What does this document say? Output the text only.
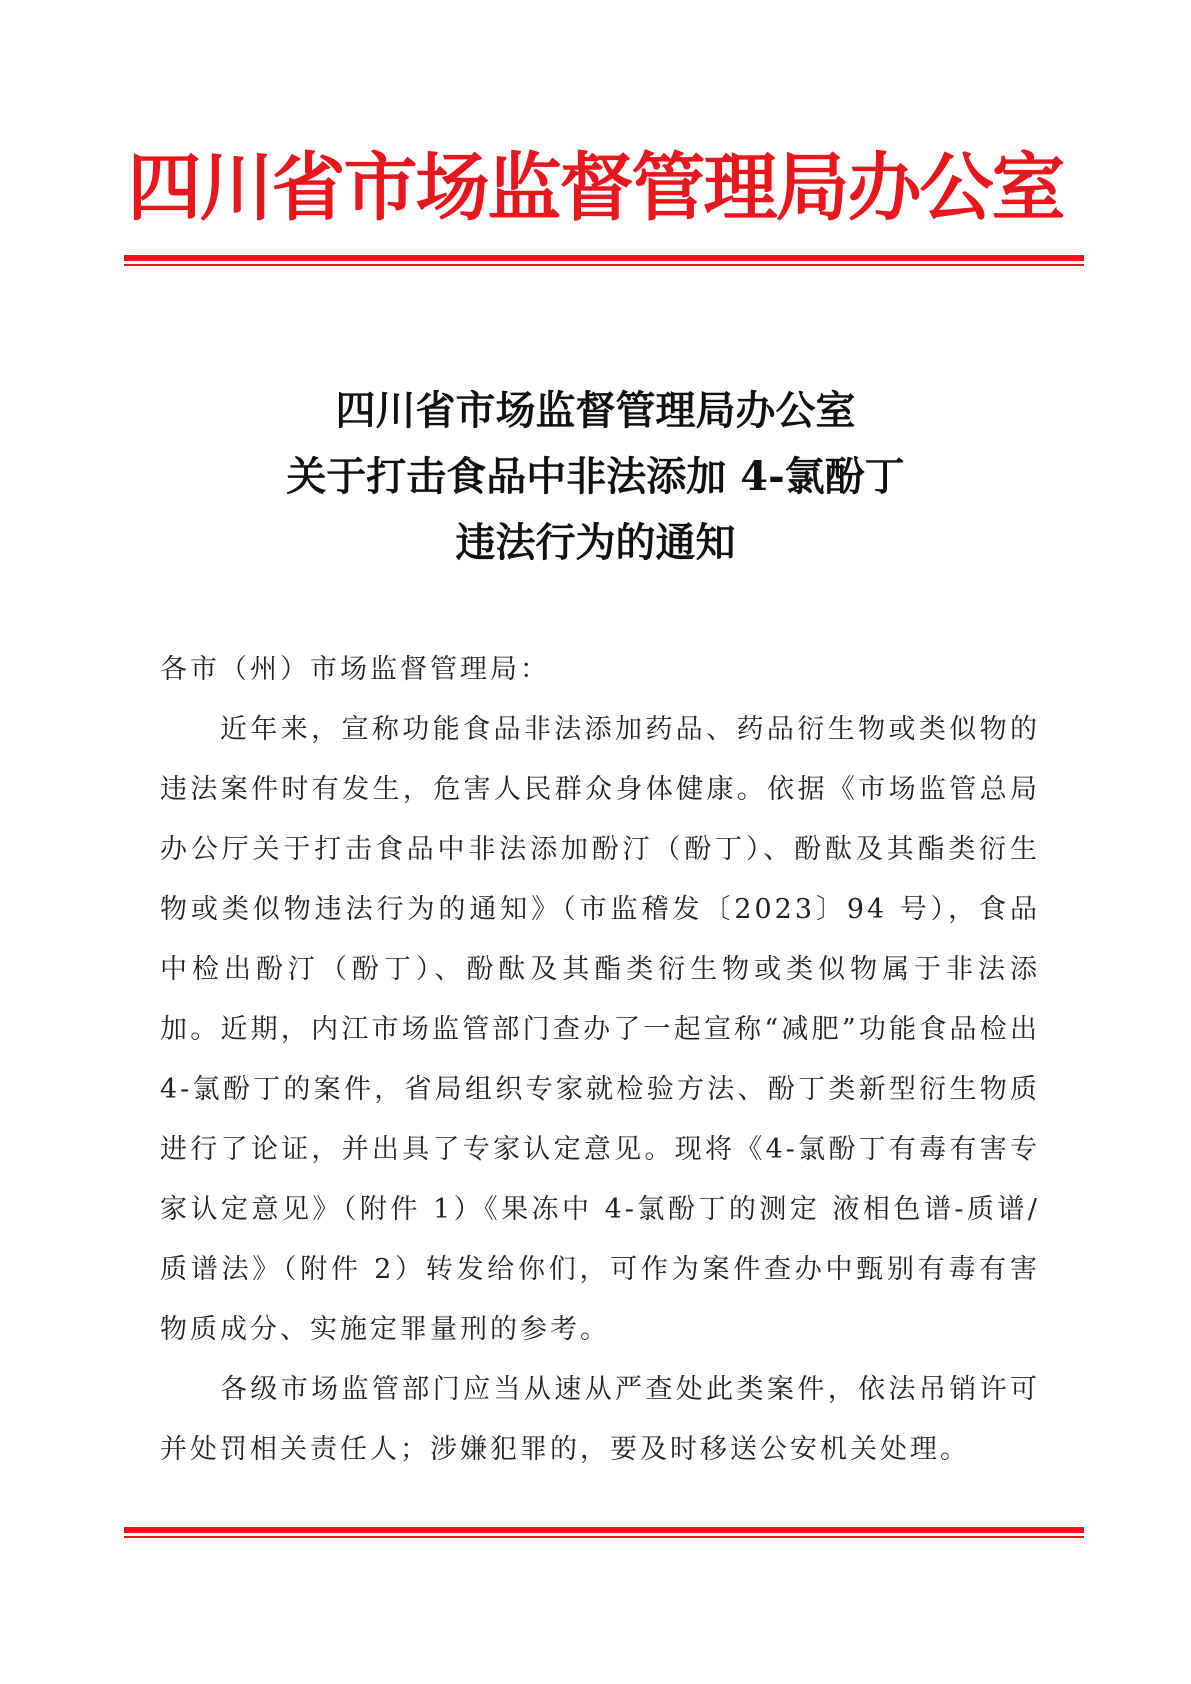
四川省市场监督管理局办公室
四川省市场监督管理局办公室
关于打击食品中非法添加 4-氯酚丁
违法行为的通知

各市（州）市场监督管理局：

近年来，宣称功能食品非法添加药品、药品衍生物或类似物的违法案件时有发生，危害人民群众身体健康。依据《市场监管总局办公厅关于打击食品中非法添加酚汀（酚丁）、酚酞及其酯类衍生物或类似物违法行为的通知》（市监稽发〔2023〕94 号），食品中检出酚汀（酚丁）、酚酞及其酯类衍生物或类似物属于非法添加。近期，内江市场监管部门查办了一起宣称“减肥”功能食品检出 4-氯酚丁的案件，省局组织专家就检验方法、酚丁类新型衍生物质进行了论证，并出具了专家认定意见。现将《4-氯酚丁有毒有害专家认定意见》（附件 1）《果冻中 4-氯酚丁的测定 液相色谱-质谱/质谱法》（附件 2）转发给你们，可作为案件查办中甄别有毒有害物质成分、实施定罪量刑的参考。

各级市场监管部门应当从速从严查处此类案件，依法吊销许可并处罚相关责任人；涉嫌犯罪的，要及时移送公安机关处理。
